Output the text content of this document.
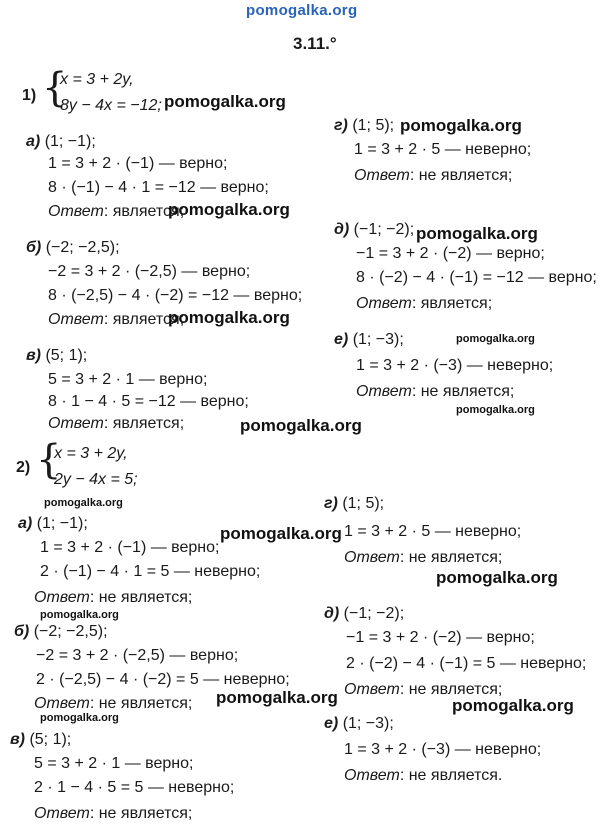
pomogalka.org
3.11.°
1) {
x = 3 + 2y,
8y − 4x = −12; pomogalka.org
а) (1; −1);
1 = 3 + 2 · (−1) — верно;
8 · (−1) − 4 · 1 = −12 — верно;
Ответ: является;
pomogalka.org
б) (−2; −2,5);
−2 = 3 + 2 · (−2,5) — верно;
8 · (−2,5) − 4 · (−2) = −12 — верно;
Ответ: является;
pomogalka.org
в) (5; 1);
5 = 3 + 2 · 1 — верно;
8 · 1 − 4 · 5 = −12 — верно;
Ответ: является;	pomogalka.org
г) (1; 5); pomogalka.org
1 = 3 + 2 · 5 — неверно;
Ответ: не является;
д) (−1; −2); pomogalka.org
−1 = 3 + 2 · (−2) — верно;
8 · (−2) − 4 · (−1) = −12 — верно;
Ответ: является;
е) (1; −3);	pomogalka.org
1 = 3 + 2 · (−3) — неверно;
Ответ: не является;
pomogalka.org
2) {
x = 3 + 2y,
2y − 4x = 5;
pomogalka.org
а) (1; −1);
pomogalka.org
1 = 3 + 2 · (−1) — верно;
2 · (−1) − 4 · 1 = 5 — неверно;
Ответ: не является;
pomogalka.org
б) (−2; −2,5);
−2 = 3 + 2 · (−2,5) — верно;
2 · (−2,5) − 4 · (−2) = 5 — неверно;
pomogalka.org
Ответ: не является;
pomogalka.org
в) (5; 1);
5 = 3 + 2 · 1 — верно;
2 · 1 − 4 · 5 = 5 — неверно;
Ответ: не является;
г) (1; 5);
1 = 3 + 2 · 5 — неверно;
Ответ: не является;
pomogalka.org
д) (−1; −2);
−1 = 3 + 2 · (−2) — верно;
2 · (−2) − 4 · (−1) = 5 — неверно;
Ответ: не является;
pomogalka.org
е) (1; −3);
1 = 3 + 2 · (−3) — неверно;
Ответ: не является.
